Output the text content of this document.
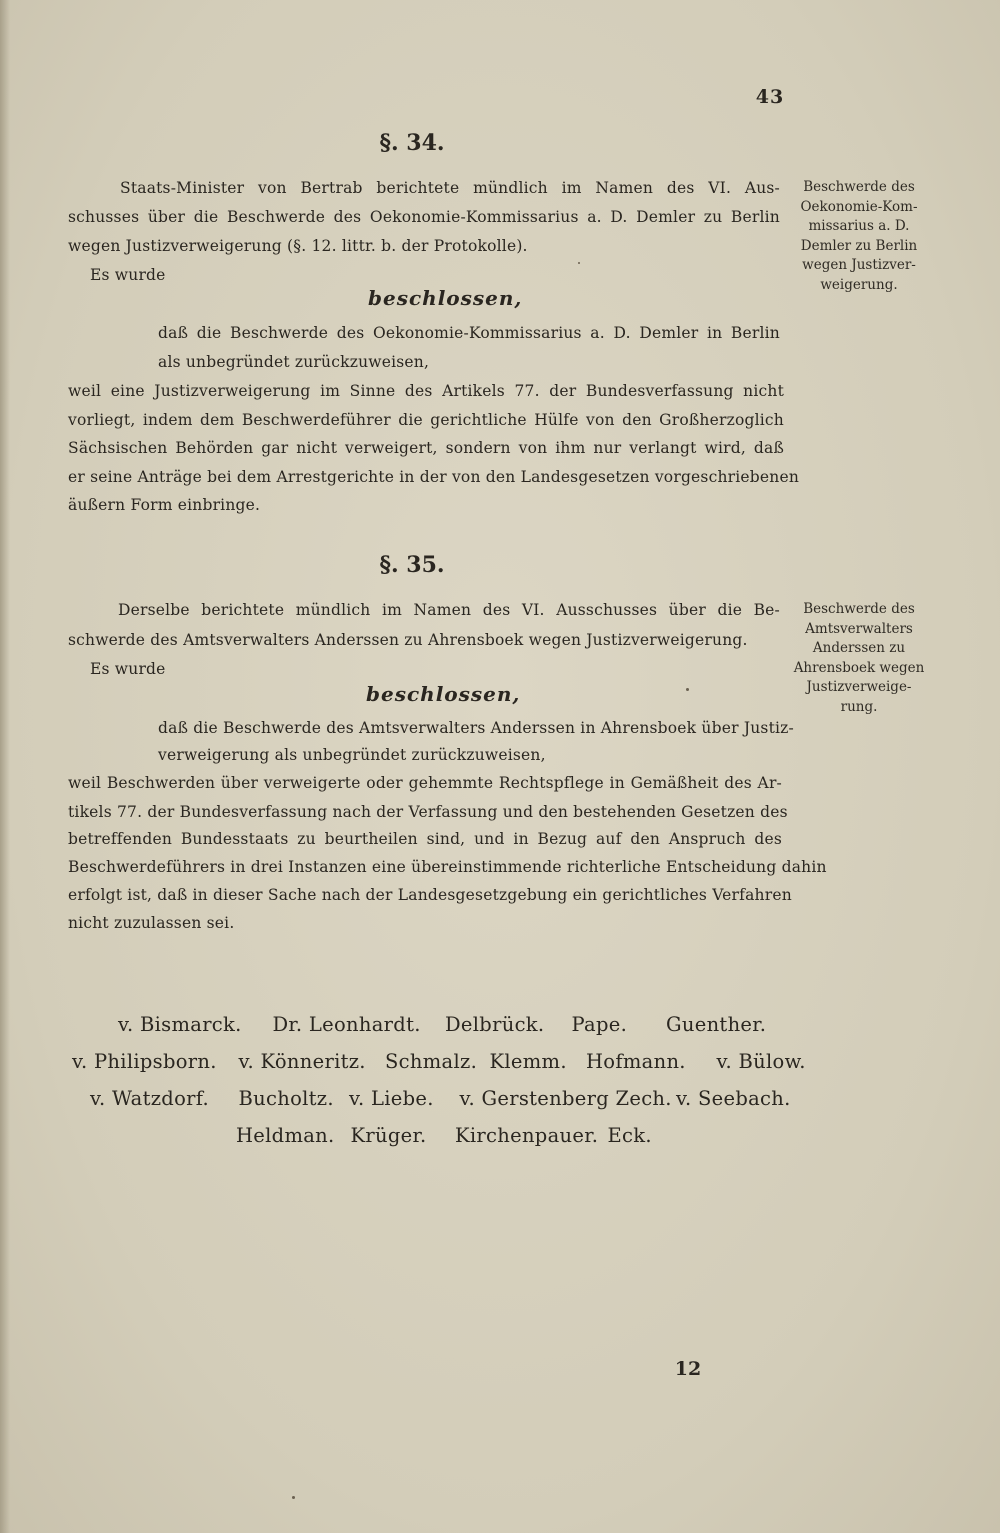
43
§. 34.
Staats-Minister von Bertrab berichtete mündlich im Namen des VI. Aus-
schusses über die Beschwerde des Oekonomie-Kommissarius a. D. Demler zu Berlin
wegen Justizverweigerung (§. 12. littr. b. der Protokolle).
Es wurde
beschlossen,
daß die Beschwerde des Oekonomie-Kommissarius a. D. Demler in Berlin
als unbegründet zurückzuweisen,
weil eine Justizverweigerung im Sinne des Artikels 77. der Bundesverfassung nicht
vorliegt, indem dem Beschwerdeführer die gerichtliche Hülfe von den Großherzoglich
Sächsischen Behörden gar nicht verweigert, sondern von ihm nur verlangt wird, daß
er seine Anträge bei dem Arrestgerichte in der von den Landesgesetzen vorgeschriebenen
äußern Form einbringe.
Beschwerde des
Oekonomie-Kom-
missarius a. D.
Demler zu Berlin
wegen Justizver-
weigerung.
§. 35.
Derselbe berichtete mündlich im Namen des VI. Ausschusses über die Be-
schwerde des Amtsverwalters Anderssen zu Ahrensboek wegen Justizverweigerung.
Es wurde
beschlossen,
daß die Beschwerde des Amtsverwalters Anderssen in Ahrensboek über Justiz-
verweigerung als unbegründet zurückzuweisen,
weil Beschwerden über verweigerte oder gehemmte Rechtspflege in Gemäßheit des Ar-
tikels 77. der Bundesverfassung nach der Verfassung und den bestehenden Gesetzen des
betreffenden Bundesstaats zu beurtheilen sind, und in Bezug auf den Anspruch des
Beschwerdeführers in drei Instanzen eine übereinstimmende richterliche Entscheidung dahin
erfolgt ist, daß in dieser Sache nach der Landesgesetzgebung ein gerichtliches Verfahren
nicht zuzulassen sei.
Beschwerde des
Amtsverwalters
Anderssen zu
Ahrensboek wegen
Justizverweige-
rung.
v. Bismarck. Dr. Leonhardt. Delbrück. Pape. Guenther.
v. Philipsborn. v. Könneritz. Schmalz. Klemm. Hofmann. v. Bülow.
v. Watzdorf. Bucholtz. v. Liebe. v. Gerstenberg Zech. v. Seebach.
Heldman. Krüger. Kirchenpauer. Eck.
12
